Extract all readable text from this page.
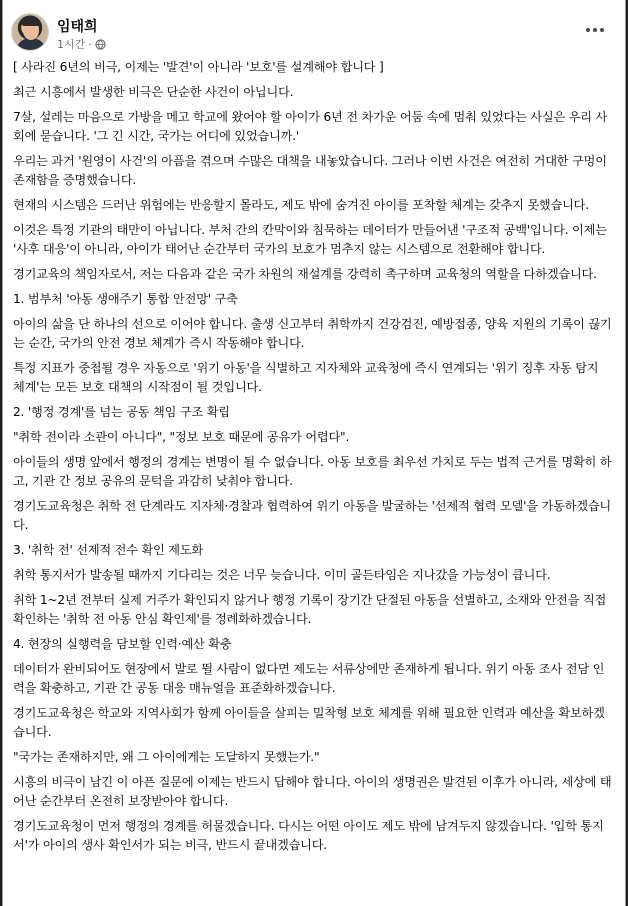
임태희
1시간 ·

[ 사라진 6년의 비극, 이제는 '발견'이 아니라 '보호'를 설계해야 합니다 ]

최근 시흥에서 발생한 비극은 단순한 사건이 아닙니다.

7살, 설레는 마음으로 가방을 메고 학교에 왔어야 할 아이가 6년 전 차가운 어둠 속에 멈춰 있었다는 사실은 우리 사회에 묻습니다. '그 긴 시간, 국가는 어디에 있었습니까.'

우리는 과거 '원영이 사건'의 아픔을 겪으며 수많은 대책을 내놓았습니다. 그러나 이번 사건은 여전히 거대한 구멍이 존재함을 증명했습니다.

현재의 시스템은 드러난 위험에는 반응할지 몰라도, 제도 밖에 숨겨진 아이를 포착할 체계는 갖추지 못했습니다.

이것은 특정 기관의 태만이 아닙니다. 부처 간의 칸막이와 침묵하는 데이터가 만들어낸 '구조적 공백'입니다. 이제는 '사후 대응'이 아니라, 아이가 태어난 순간부터 국가의 보호가 멈추지 않는 시스템으로 전환해야 합니다.

경기교육의 책임자로서, 저는 다음과 같은 국가 차원의 재설계를 강력히 촉구하며 교육청의 역할을 다하겠습니다.

1. 범부처 '아동 생애주기 통합 안전망' 구축

아이의 삶을 단 하나의 선으로 이어야 합니다. 출생 신고부터 취학까지 건강검진, 예방접종, 양육 지원의 기록이 끊기는 순간, 국가의 안전 경보 체계가 즉시 작동해야 합니다.

특정 지표가 중첩될 경우 자동으로 '위기 아동'을 식별하고 지자체와 교육청에 즉시 연계되는 '위기 징후 자동 탐지 체계'는 모든 보호 대책의 시작점이 될 것입니다.

2. '행정 경계'를 넘는 공동 책임 구조 확립

"취학 전이라 소관이 아니다", "정보 보호 때문에 공유가 어렵다".

아이들의 생명 앞에서 행정의 경계는 변명이 될 수 없습니다. 아동 보호를 최우선 가치로 두는 법적 근거를 명확히 하고, 기관 간 정보 공유의 문턱을 과감히 낮춰야 합니다.

경기도교육청은 취학 전 단계라도 지자체·경찰과 협력하여 위기 아동을 발굴하는 '선제적 협력 모델'을 가동하겠습니다.

3. '취학 전' 선제적 전수 확인 제도화

취학 통지서가 발송될 때까지 기다리는 것은 너무 늦습니다. 이미 골든타임은 지나갔을 가능성이 큽니다.

취학 1~2년 전부터 실제 거주가 확인되지 않거나 행정 기록이 장기간 단절된 아동을 선별하고, 소재와 안전을 직접 확인하는 '취학 전 아동 안심 확인제'를 정례화하겠습니다.

4. 현장의 실행력을 담보할 인력·예산 확충

데이터가 완비되어도 현장에서 발로 뛸 사람이 없다면 제도는 서류상에만 존재하게 됩니다. 위기 아동 조사 전담 인력을 확충하고, 기관 간 공동 대응 매뉴얼을 표준화하겠습니다.

경기도교육청은 학교와 지역사회가 함께 아이들을 살피는 밀착형 보호 체계를 위해 필요한 인력과 예산을 확보하겠습니다.

"국가는 존재하지만, 왜 그 아이에게는 도달하지 못했는가."

시흥의 비극이 남긴 이 아픈 질문에 이제는 반드시 답해야 합니다. 아이의 생명권은 발견된 이후가 아니라, 세상에 태어난 순간부터 온전히 보장받아야 합니다.

경기도교육청이 먼저 행정의 경계를 허물겠습니다. 다시는 어떤 아이도 제도 밖에 남겨두지 않겠습니다. '입학 통지서'가 아이의 생사 확인서가 되는 비극, 반드시 끝내겠습니다.
